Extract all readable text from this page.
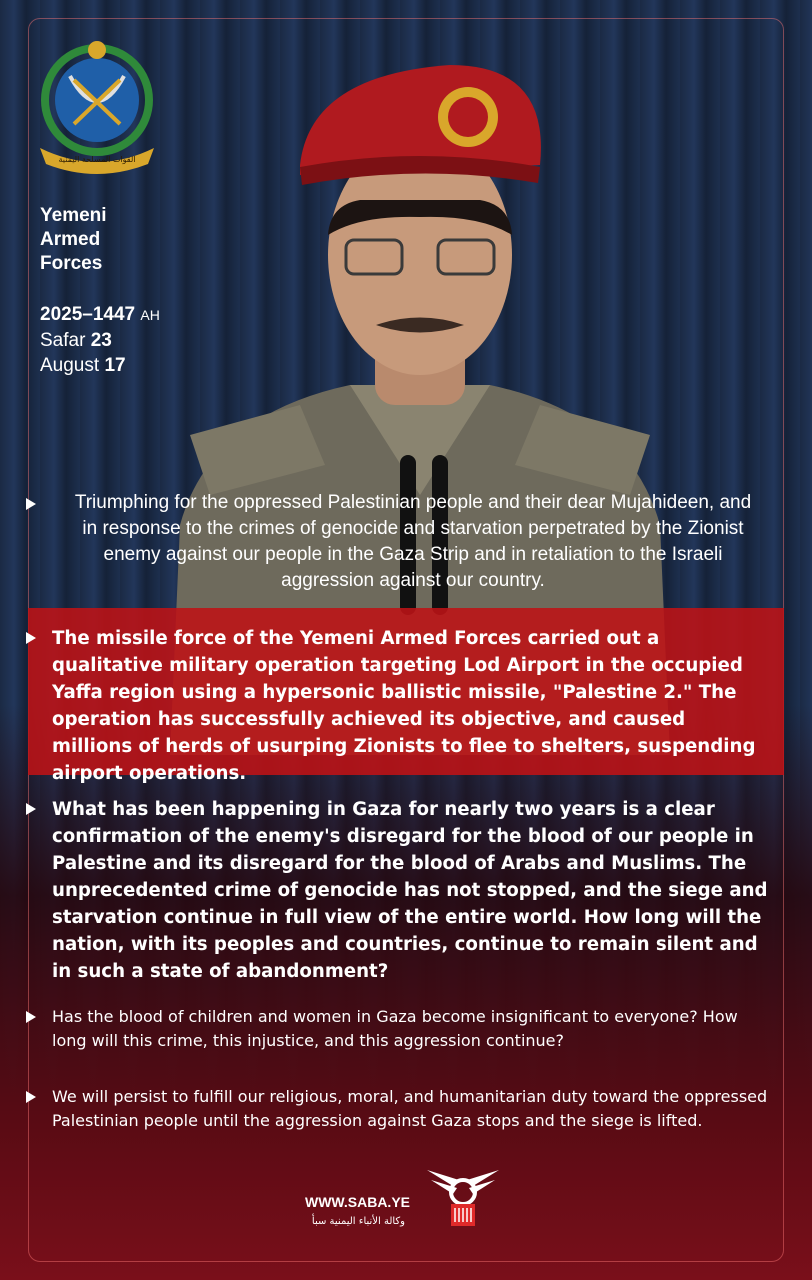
القوات المسلحة اليمنية
Yemeni
Armed
Forces
2025–1447 AH
Safar 23
August 17
Triumphing for the oppressed Palestinian people and their dear Mujahideen, and in response to the crimes of genocide and starvation perpetrated by the Zionist enemy against our people in the Gaza Strip and in retaliation to the Israeli aggression against our country.
The missile force of the Yemeni Armed Forces carried out a qualitative military operation targeting Lod Airport in the occupied Yaffa region using a hypersonic ballistic missile, "Palestine 2." The operation has successfully achieved its objective, and caused millions of herds of usurping Zionists to flee to shelters, suspending airport operations.
What has been happening in Gaza for nearly two years is a clear confirmation of the enemy's disregard for the blood of our people in Palestine and its disregard for the blood of Arabs and Muslims. The unprecedented crime of genocide has not stopped, and the siege and starvation continue in full view of the entire world. How long will the nation, with its peoples and countries, continue to remain silent and in such a state of abandonment?
Has the blood of children and women in Gaza become insignificant to everyone? How long will this crime, this injustice, and this aggression continue?
We will persist to fulfill our religious, moral, and humanitarian duty toward the oppressed Palestinian people until the aggression against Gaza stops and the siege is lifted.
WWW.SABA.YE
وكالة الأنباء اليمنية سبأ
